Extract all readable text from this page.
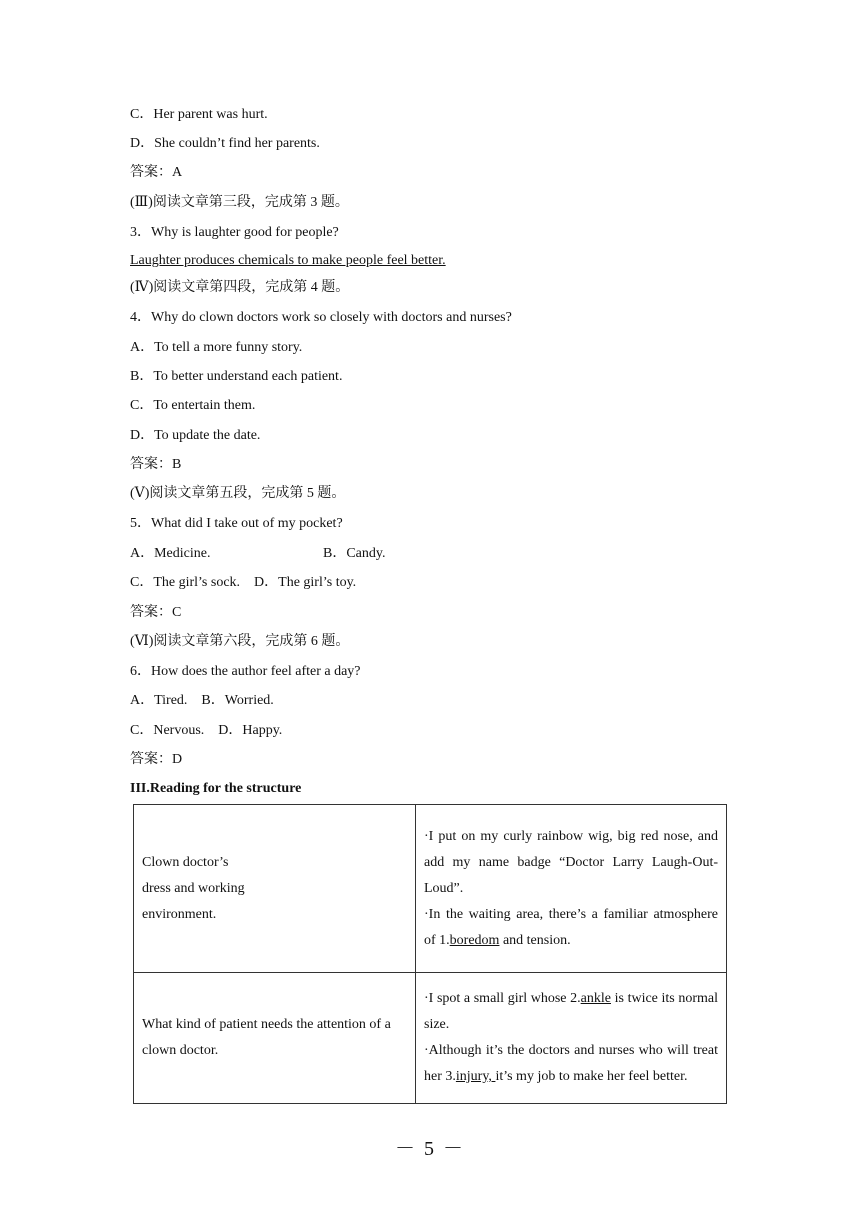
C．Her parent was hurt.
D．She couldn’t find her parents.
答案：A
(Ⅲ)阅读文章第三段，完成第 3 题。
3．Why is laughter good for people?
Laughter produces chemicals to make people feel better.
(Ⅳ)阅读文章第四段，完成第 4 题。
4．Why do clown doctors work so closely with doctors and nurses?
A．To tell a more funny story.
B．To better understand each patient.
C．To entertain them.
D．To update the date.
答案：B
(Ⅴ)阅读文章第五段，完成第 5 题。
5．What did I take out of my pocket?
A．Medicine.	B．Candy.
C．The girl’s sock.    D．The girl’s toy.
答案：C
(Ⅵ)阅读文章第六段，完成第 6 题。
6．How does the author feel after a day?
A．Tired.    B．Worried.
C．Nervous.    D．Happy.
答案：D
III.Reading for the structure
Clown doctor’s
dress and working
environment.	·I put on my curly rainbow wig, big red nose, and add my name badge “Doctor Larry Laugh-Out-Loud”.
·In the waiting area, there’s a familiar atmosphere of 1.boredom and tension.

What kind of patient needs the attention of a clown doctor.	·I spot a small girl whose 2.ankle is twice its normal size.
·Although it’s the doctors and nurses who will treat her 3.injury, it’s my job to make her feel better.
－ 5 －
